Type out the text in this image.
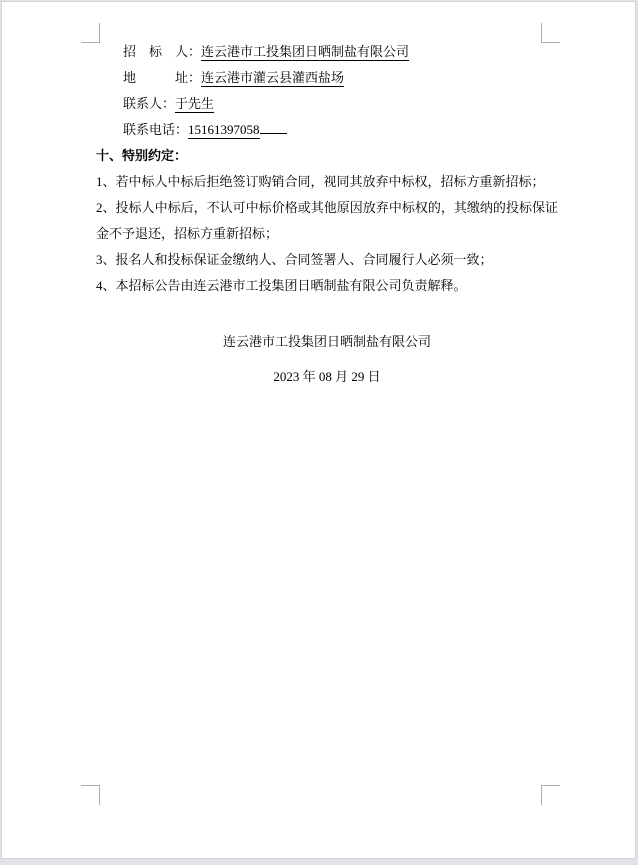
招　标　人：连云港市工投集团日晒制盐有限公司
地　　　址：连云港市灌云县灌西盐场
联系人：于先生
联系电话：15161397058
十、特别约定：

1、若中标人中标后拒绝签订购销合同，视同其放弃中标权，招标方重新招标；

2、投标人中标后，不认可中标价格或其他原因放弃中标权的，其缴纳的投标保证金不予退还，招标方重新招标；

3、报名人和投标保证金缴纳人、合同签署人、合同履行人必须一致；

4、本招标公告由连云港市工投集团日晒制盐有限公司负责解释。

连云港市工投集团日晒制盐有限公司
2023 年 08 月 29 日
